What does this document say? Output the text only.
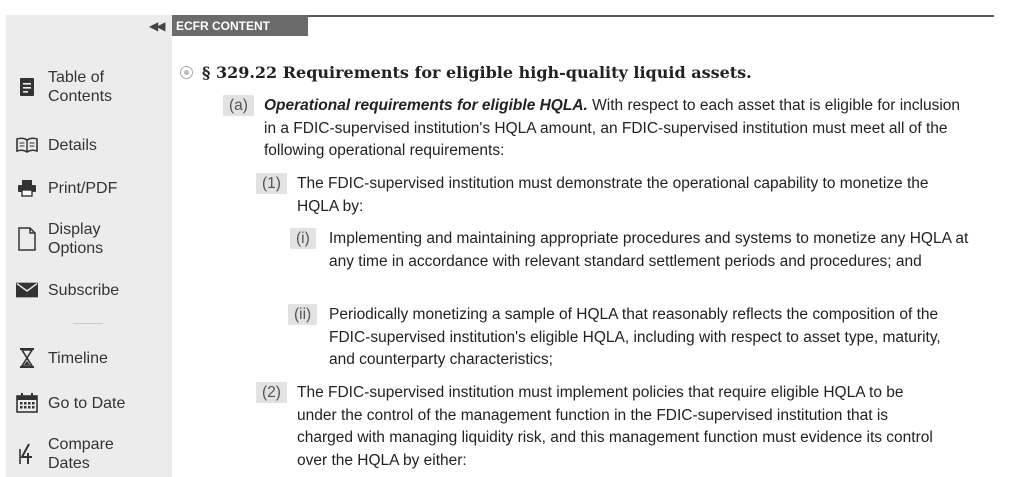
◀◀
Table of
Contents
Details
Print/PDF
Display
Options
Subscribe
Timeline
Go to Date
Compare
Dates
ECFR CONTENT
§ 329.22 Requirements for eligible high-quality liquid assets.
(a)	Operational requirements for eligible HQLA. With respect to each asset that is eligible for inclusion in a FDIC-supervised institution's HQLA amount, an FDIC-supervised institution must meet all of the following operational requirements:
(1)	The FDIC-supervised institution must demonstrate the operational capability to monetize the HQLA by:
(i)	Implementing and maintaining appropriate procedures and systems to monetize any HQLA at any time in accordance with relevant standard settlement periods and procedures; and
(ii)	Periodically monetizing a sample of HQLA that reasonably reflects the composition of the FDIC-supervised institution's eligible HQLA, including with respect to asset type, maturity, and counterparty characteristics;
(2)	The FDIC-supervised institution must implement policies that require eligible HQLA to be under the control of the management function in the FDIC-supervised institution that is charged with managing liquidity risk, and this management function must evidence its control over the HQLA by either:
